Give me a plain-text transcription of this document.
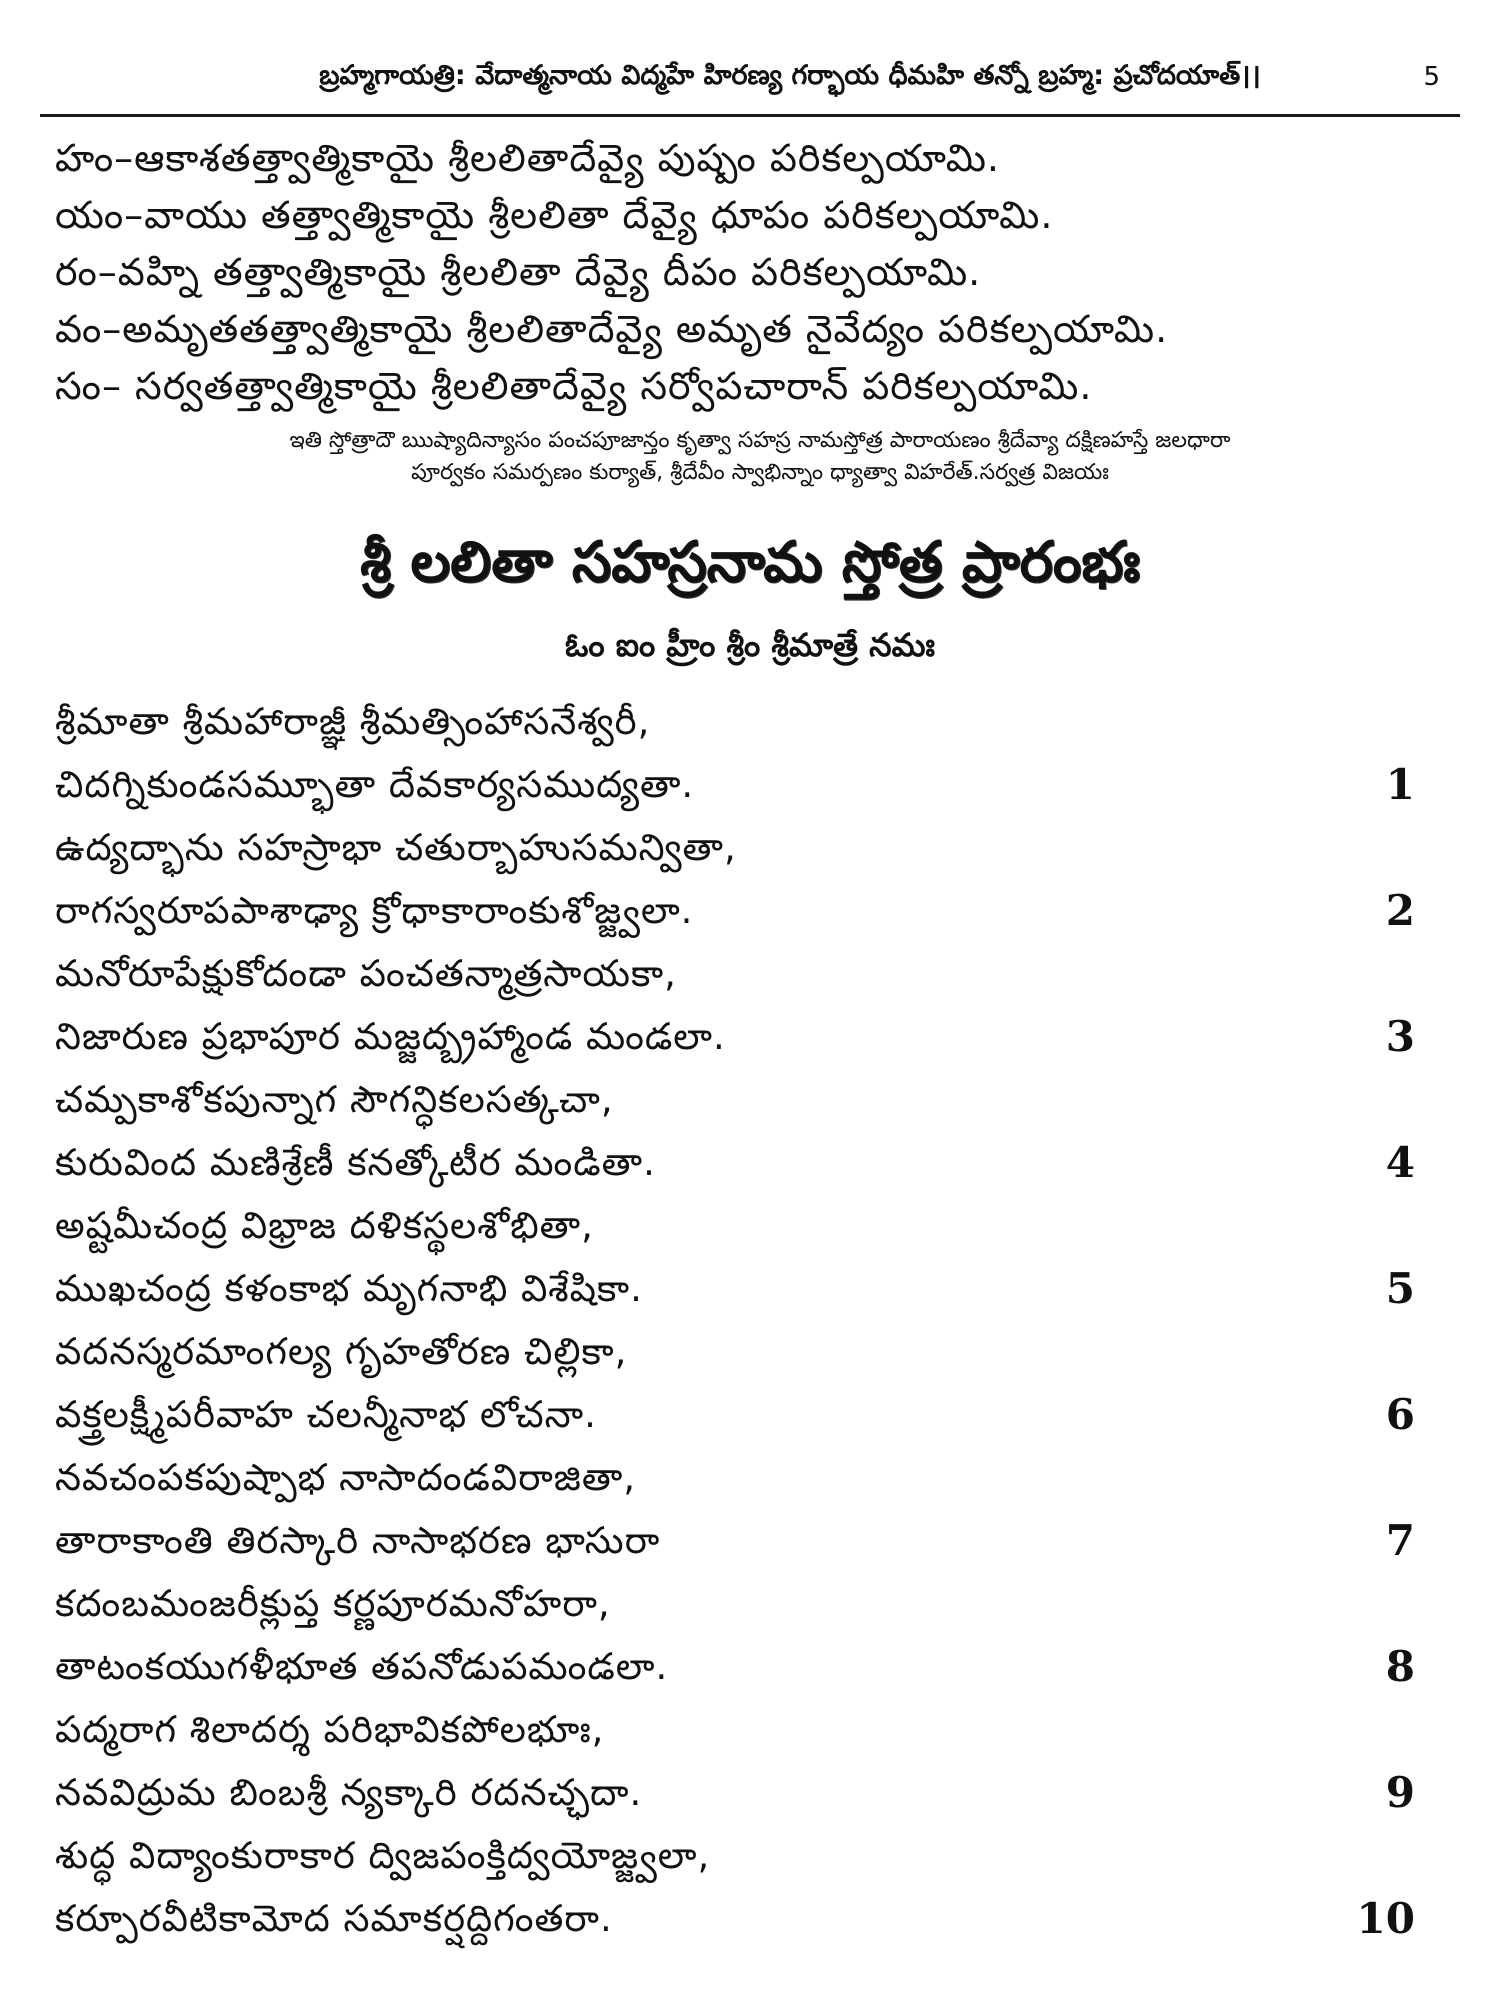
బ్రహ్మగాయత్రి: వేదాత్మనాయ విద్మహే హిరణ్య గర్భాయ ధీమహి తన్నో బ్రహ్మ: ప్రచోదయాత్।।	5
హం–ఆకాశతత్త్వాత్మికాయై శ్రీలలితాదేవ్యై పుష్పం పరికల్పయామి.
యం–వాయు తత్త్వాత్మికాయై శ్రీలలితా దేవ్యై ధూపం పరికల్పయామి.
రం–వహ్ని తత్త్వాత్మికాయై శ్రీలలితా దేవ్యై దీపం పరికల్పయామి.
వం–అమృతతత్త్వాత్మికాయై శ్రీలలితాదేవ్యై అమృత నైవేద్యం పరికల్పయామి.
సం– సర్వతత్త్వాత్మికాయై శ్రీలలితాదేవ్యై సర్వోపచారాన్ పరికల్పయామి.
ఇతి స్తోత్రాదౌ ఋష్యాదిన్యాసం పంచపూజాన్తం కృత్వా సహస్ర నామస్తోత్ర పారాయణం శ్రీదేవ్యా దక్షిణహస్తే జలధారా
పూర్వకం సమర్పణం కుర్యాత్, శ్రీదేవీం స్వాభిన్నాం ధ్యాత్వా విహరేత్.సర్వత్ర విజయః
శ్రీ లలితా సహస్రనామ స్తోత్ర ప్రారంభః
ఓం ఐం హ్రీం శ్రీం శ్రీమాత్రే నమః
శ్రీమాతా శ్రీమహారాజ్ఞీ శ్రీమత్సింహాసనేశ్వరీ,
చిదగ్నికుండసమ్భూతా దేవకార్యసముద్యతా.	1
ఉద్యద్భాను సహస్రాభా చతుర్బాహుసమన్వితా,
రాగస్వరూపపాశాఢ్యా క్రోధాకారాంకుశోజ్జ్వలా.	2
మనోరూపేక్షుకోదండా పంచతన్మాత్రసాయకా,
నిజారుణ ప్రభాపూర మజ్జద్బ్రహ్మాండ మండలా.	3
చమ్పకాశోకపున్నాగ సౌగన్ధికలసత్కచా,
కురువింద మణిశ్రేణీ కనత్కోటీర మండితా.	4
అష్టమీచంద్ర విభ్రాజ దళికస్థలశోభితా,
ముఖచంద్ర కళంకాభ మృగనాభి విశేషికా.	5
వదనస్మరమాంగల్య గృహతోరణ చిల్లికా,
వక్త్రలక్ష్మీపరీవాహ చలన్మీనాభ లోచనా.	6
నవచంపకపుష్పాభ నాసాదండవిరాజితా,
తారాకాంతి తిరస్కారి నాసాభరణ భాసురా	7
కదంబమంజరీక్లుప్త కర్ణపూరమనోహరా,
తాటంకయుగళీభూత తపనోడుపమండలా.	8
పద్మరాగ శిలాదర్శ పరిభావికపోలభూః,
నవవిద్రుమ బింబశ్రీ న్యక్కారి రదనచ్ఛదా.	9
శుద్ధ విద్యాంకురాకార ద్విజపంక్తిద్వయోజ్జ్వలా,
కర్పూరవీటికామోద సమాకర్షద్దిగంతరా.	10
